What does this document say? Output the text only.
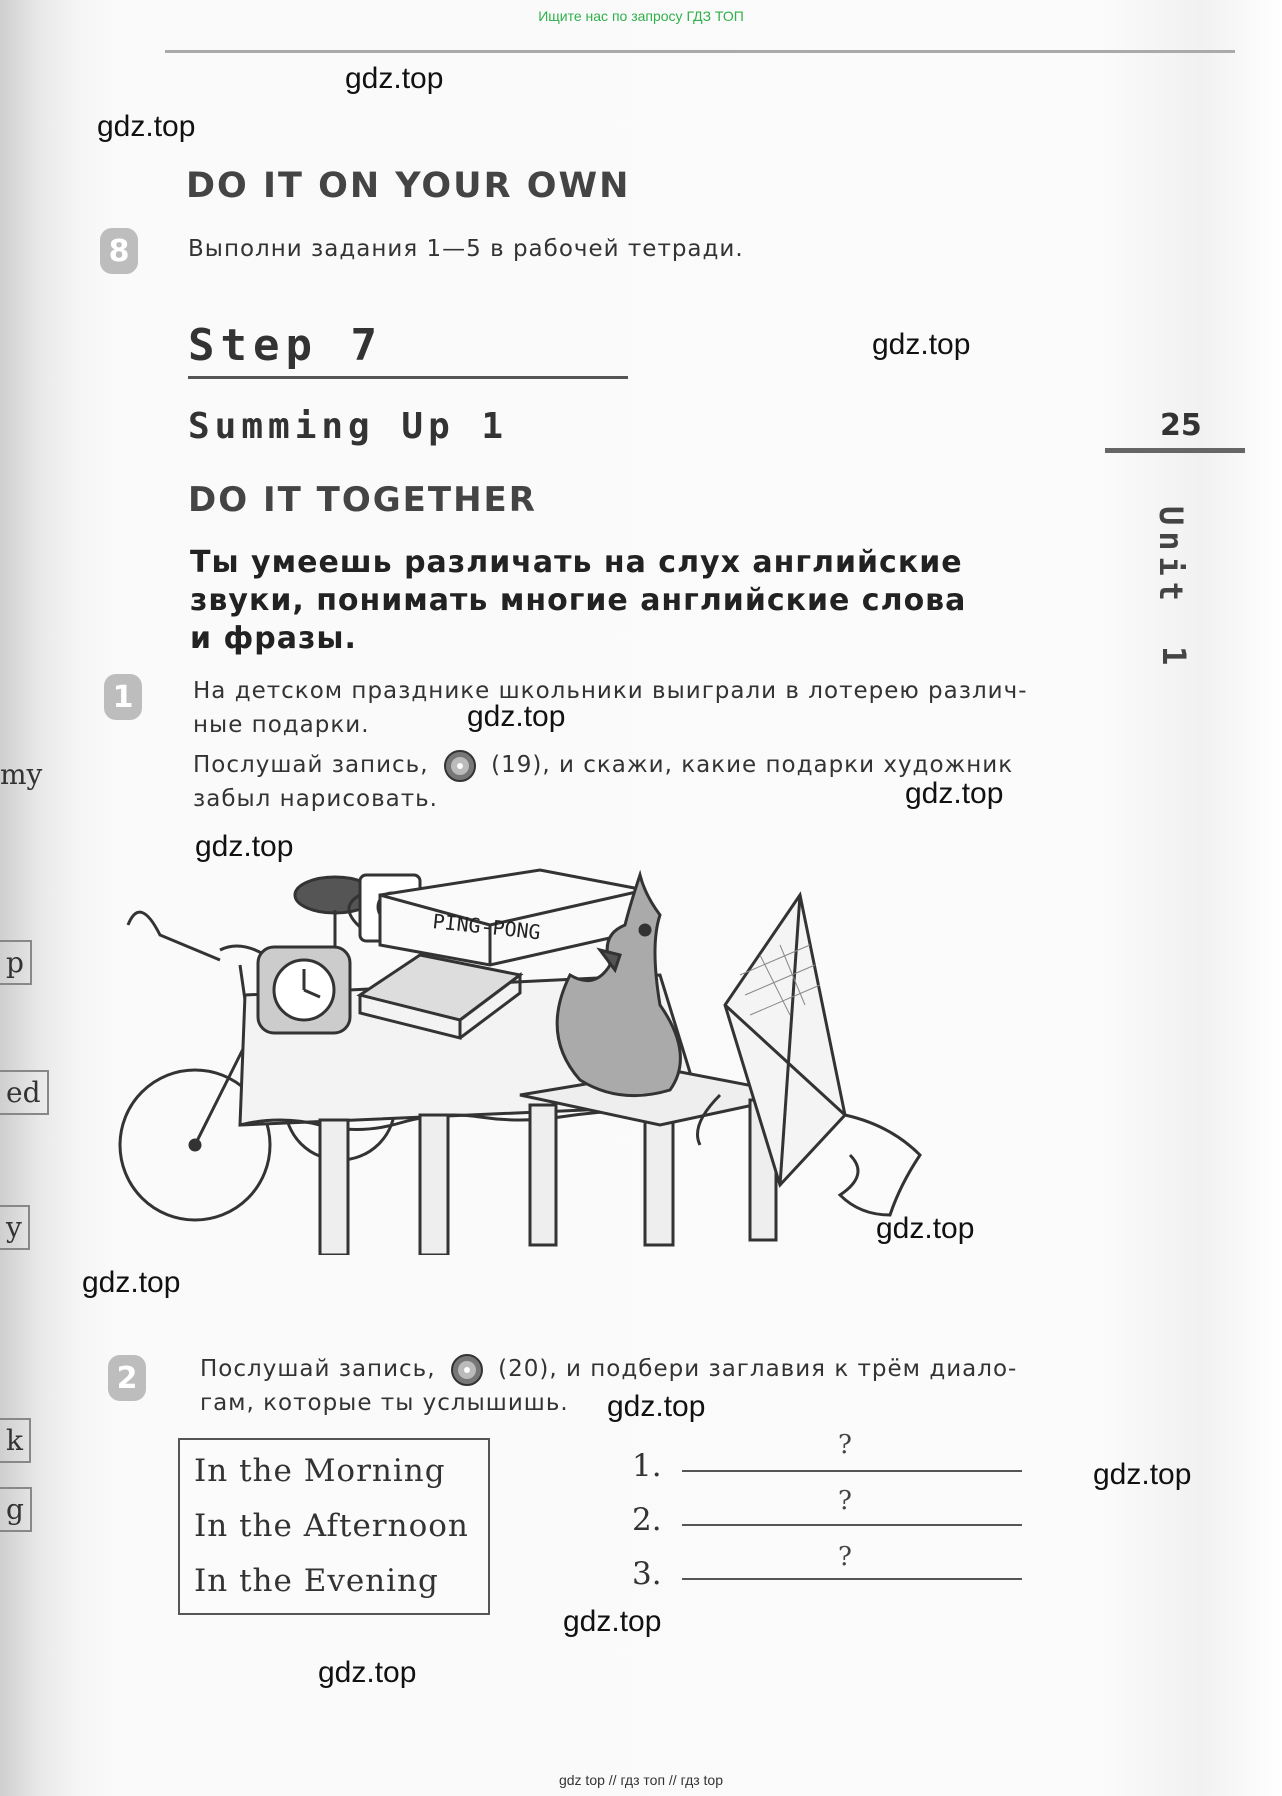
Ищите нас по запросу ГДЗ ТОП
gdz.top
gdz.top
gdz.top
gdz.top
gdz.top
gdz.top
gdz.top
gdz.top
gdz.top
gdz.top
gdz.top
gdz.top
DO IT ON YOUR OWN
8	Выполни задания 1—5 в рабочей тетради.
Step 7
Summing Up 1
DO IT TOGETHER
Ты умеешь различать на слух английские
звуки, понимать многие английские слова
и фразы.
25
Unit
1
1	На детском празднике школьники выиграли в лотерею различ-
ные подарки.
Послушай запись,	(19), и скажи, какие подарки художник
забыл нарисовать.
PING-PONG
2	Послушай запись,	(20), и подбери заглавия к трём диало-
гам, которые ты услышишь.
In the Morning
In the Afternoon
In the Evening
1.
?
2.
?
3.	?
my
p
ed
y
k
g
gdz top // гдз топ // гдз top
